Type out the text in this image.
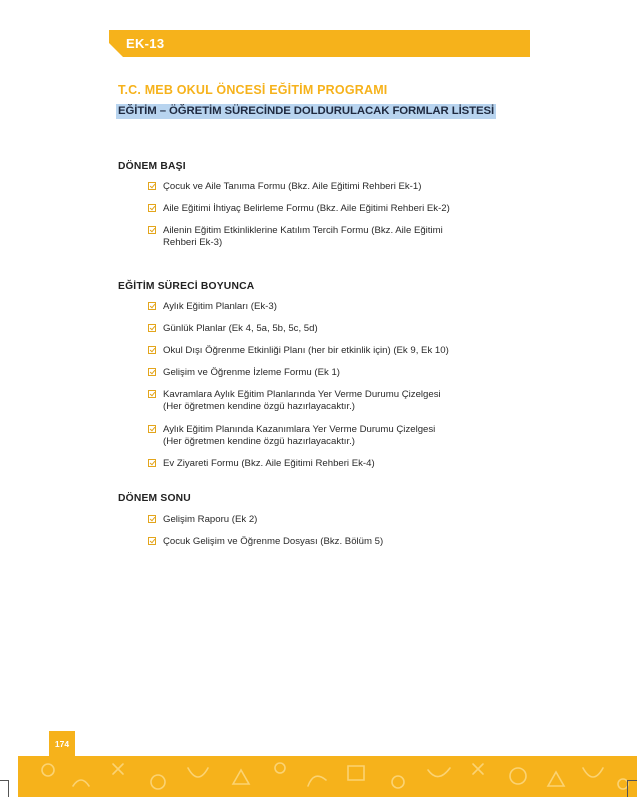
EK-13
T.C. MEB OKUL ÖNCESİ EĞİTİM PROGRAMI
EĞİTİM – ÖĞRETİM SÜRECİNDE DOLDURULACAK FORMLAR LİSTESİ
DÖNEM BAŞI
Çocuk ve Aile Tanıma Formu (Bkz. Aile Eğitimi Rehberi Ek-1)
Aile Eğitimi İhtiyaç Belirleme Formu (Bkz. Aile Eğitimi Rehberi Ek-2)
Ailenin Eğitim Etkinliklerine Katılım Tercih Formu (Bkz. Aile Eğitimi
Rehberi Ek-3)
EĞİTİM SÜRECİ BOYUNCA
Aylık Eğitim Planları (Ek-3)
Günlük Planlar (Ek 4, 5a, 5b, 5c, 5d)
Okul Dışı Öğrenme Etkinliği Planı (her bir etkinlik için) (Ek 9, Ek 10)
Gelişim ve Öğrenme İzleme Formu (Ek 1)
Kavramlara Aylık Eğitim Planlarında Yer Verme Durumu Çizelgesi
(Her öğretmen kendine özgü hazırlayacaktır.)
Aylık Eğitim Planında Kazanımlara Yer Verme Durumu Çizelgesi
(Her öğretmen kendine özgü hazırlayacaktır.)
Ev Ziyareti Formu (Bkz. Aile Eğitimi Rehberi Ek-4)
DÖNEM SONU
Gelişim Raporu (Ek 2)
Çocuk Gelişim ve Öğrenme Dosyası (Bkz. Bölüm 5)
174
